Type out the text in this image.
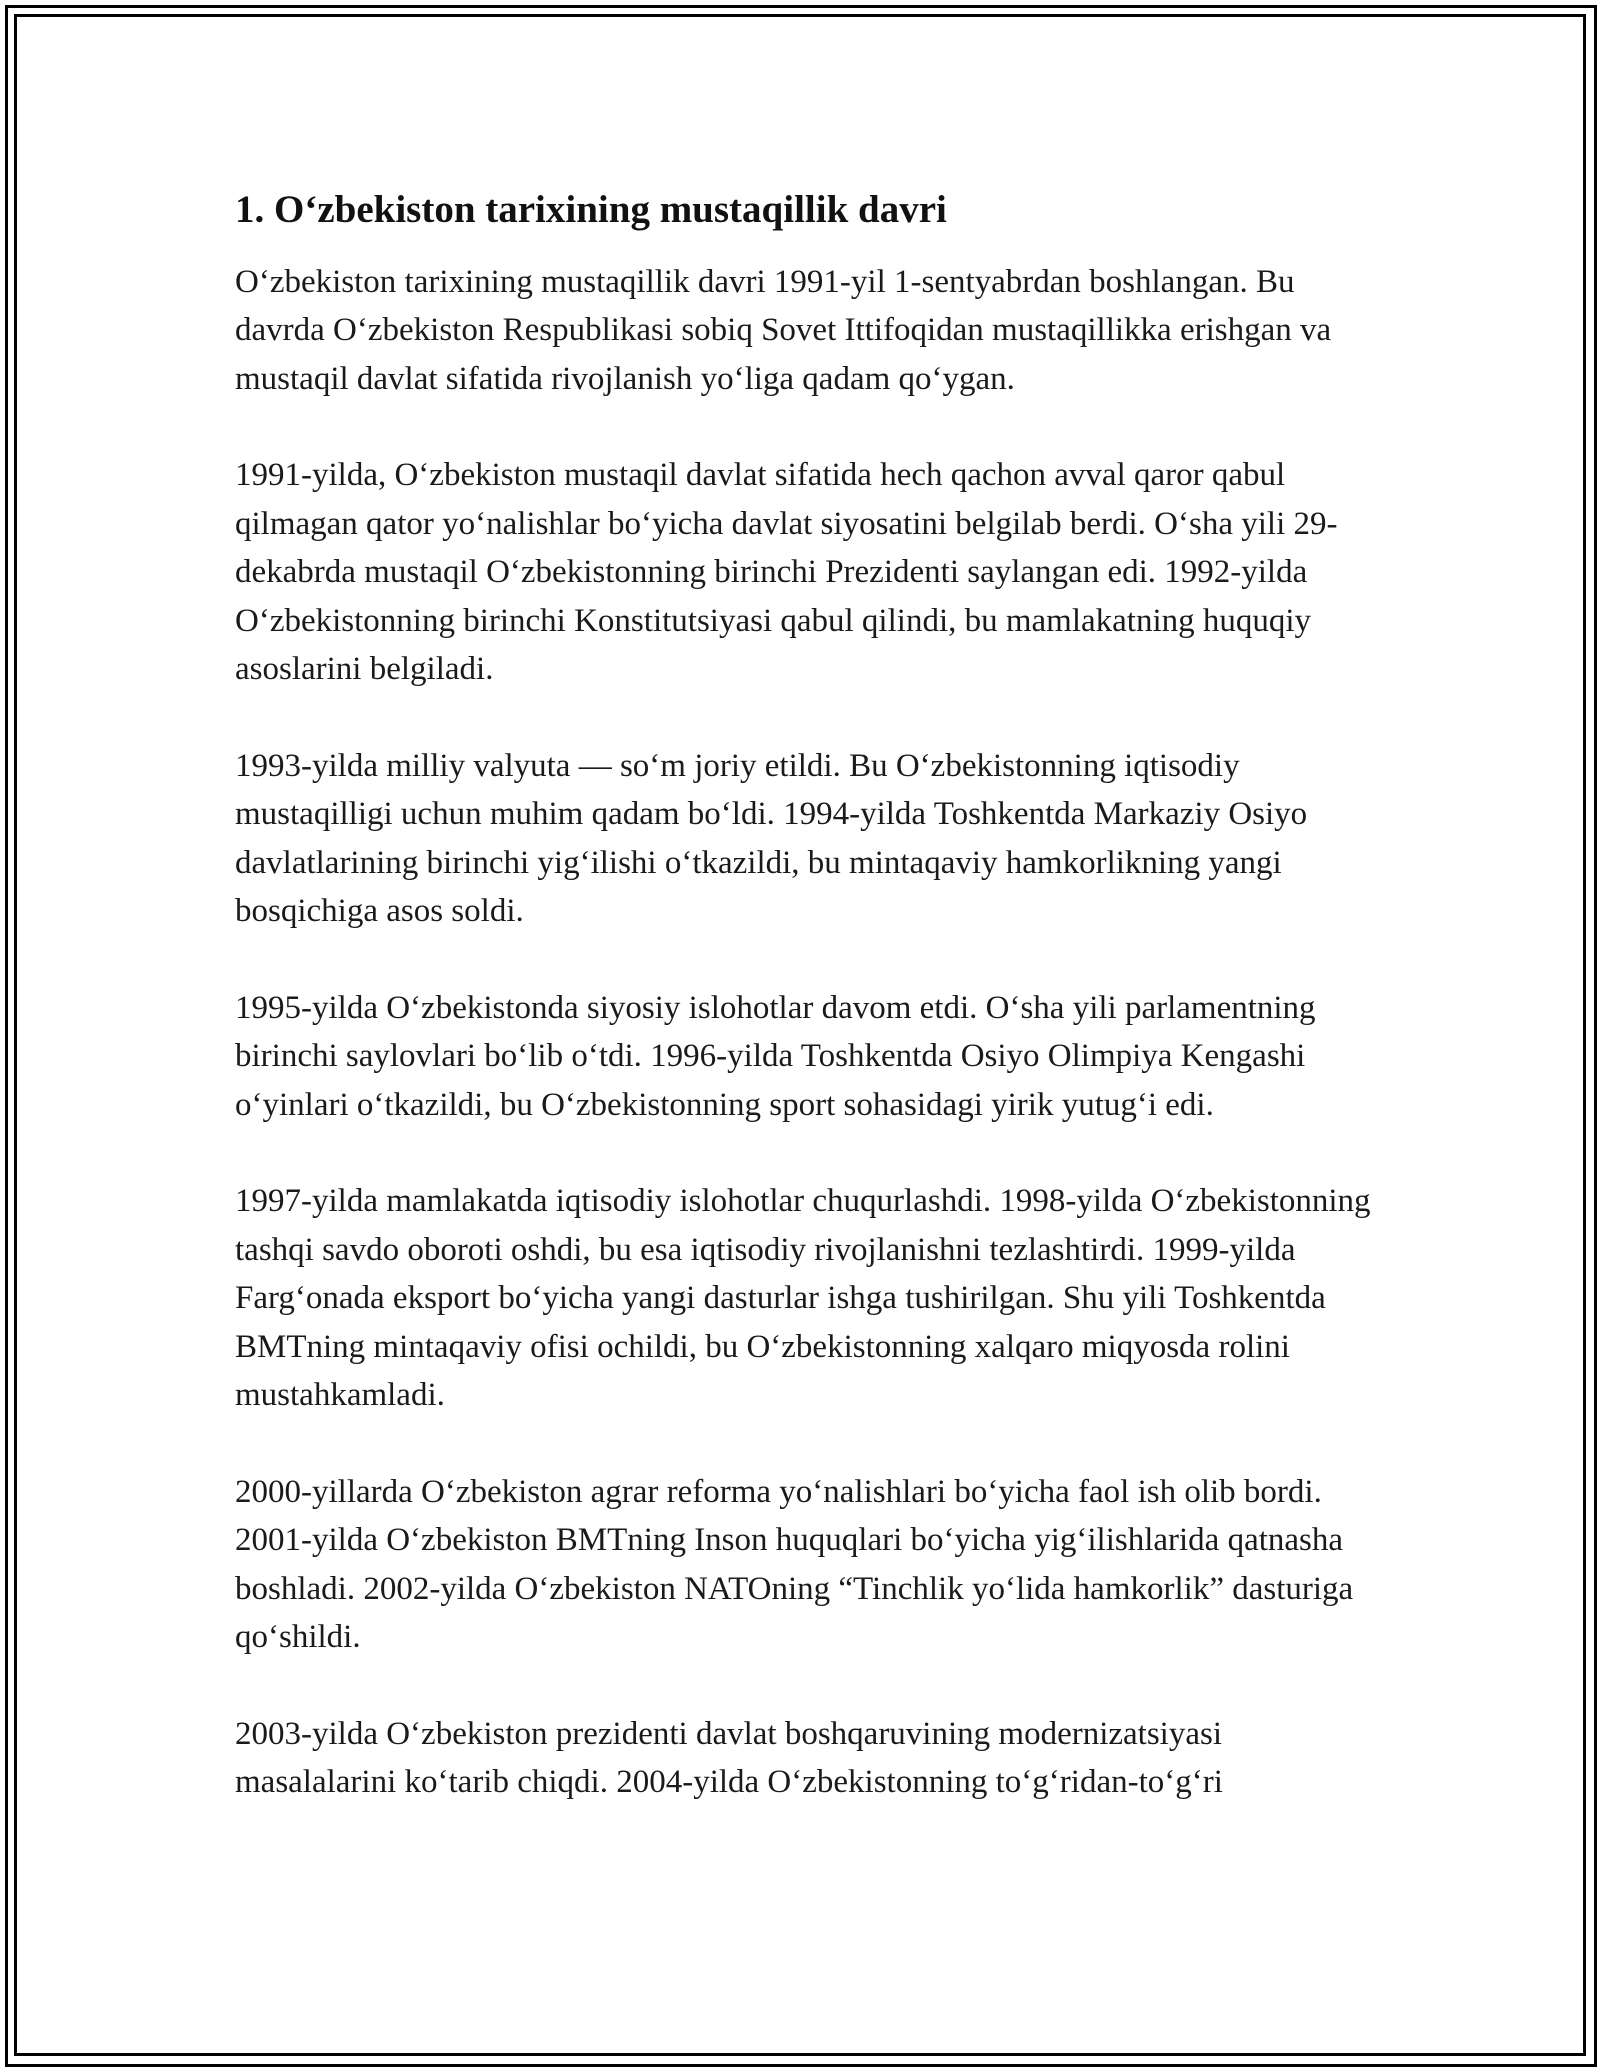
1. O‘zbekiston tarixining mustaqillik davri

O‘zbekiston tarixining mustaqillik davri 1991-yil 1-sentyabrdan boshlangan. Bu davrda O‘zbekiston Respublikasi sobiq Sovet Ittifoqidan mustaqillikka erishgan va mustaqil davlat sifatida rivojlanish yo‘liga qadam qo‘ygan.

1991-yilda, O‘zbekiston mustaqil davlat sifatida hech qachon avval qaror qabul qilmagan qator yo‘nalishlar bo‘yicha davlat siyosatini belgilab berdi. O‘sha yili 29-dekabrda mustaqil O‘zbekistonning birinchi Prezidenti saylangan edi. 1992-yilda O‘zbekistonning birinchi Konstitutsiyasi qabul qilindi, bu mamlakatning huquqiy asoslarini belgiladi.

1993-yilda milliy valyuta — so‘m joriy etildi. Bu O‘zbekistonning iqtisodiy mustaqilligi uchun muhim qadam bo‘ldi. 1994-yilda Toshkentda Markaziy Osiyo davlatlarining birinchi yig‘ilishi o‘tkazildi, bu mintaqaviy hamkorlikning yangi bosqichiga asos soldi.

1995-yilda O‘zbekistonda siyosiy islohotlar davom etdi. O‘sha yili parlamentning birinchi saylovlari bo‘lib o‘tdi. 1996-yilda Toshkentda Osiyo Olimpiya Kengashi o‘yinlari o‘tkazildi, bu O‘zbekistonning sport sohasidagi yirik yutug‘i edi.

1997-yilda mamlakatda iqtisodiy islohotlar chuqurlashdi. 1998-yilda O‘zbekistonning tashqi savdo oboroti oshdi, bu esa iqtisodiy rivojlanishni tezlashtirdi. 1999-yilda Farg‘onada eksport bo‘yicha yangi dasturlar ishga tushirilgan. Shu yili Toshkentda BMTning mintaqaviy ofisi ochildi, bu O‘zbekistonning xalqaro miqyosda rolini mustahkamladi.

2000-yillarda O‘zbekiston agrar reforma yo‘nalishlari bo‘yicha faol ish olib bordi. 2001-yilda O‘zbekiston BMTning Inson huquqlari bo‘yicha yig‘ilishlarida qatnasha boshladi. 2002-yilda O‘zbekiston NATOning “Tinchlik yo‘lida hamkorlik” dasturiga qo‘shildi.

2003-yilda O‘zbekiston prezidenti davlat boshqaruvining modernizatsiyasi masalalarini ko‘tarib chiqdi. 2004-yilda O‘zbekistonning to‘g‘ridan-to‘g‘ri
